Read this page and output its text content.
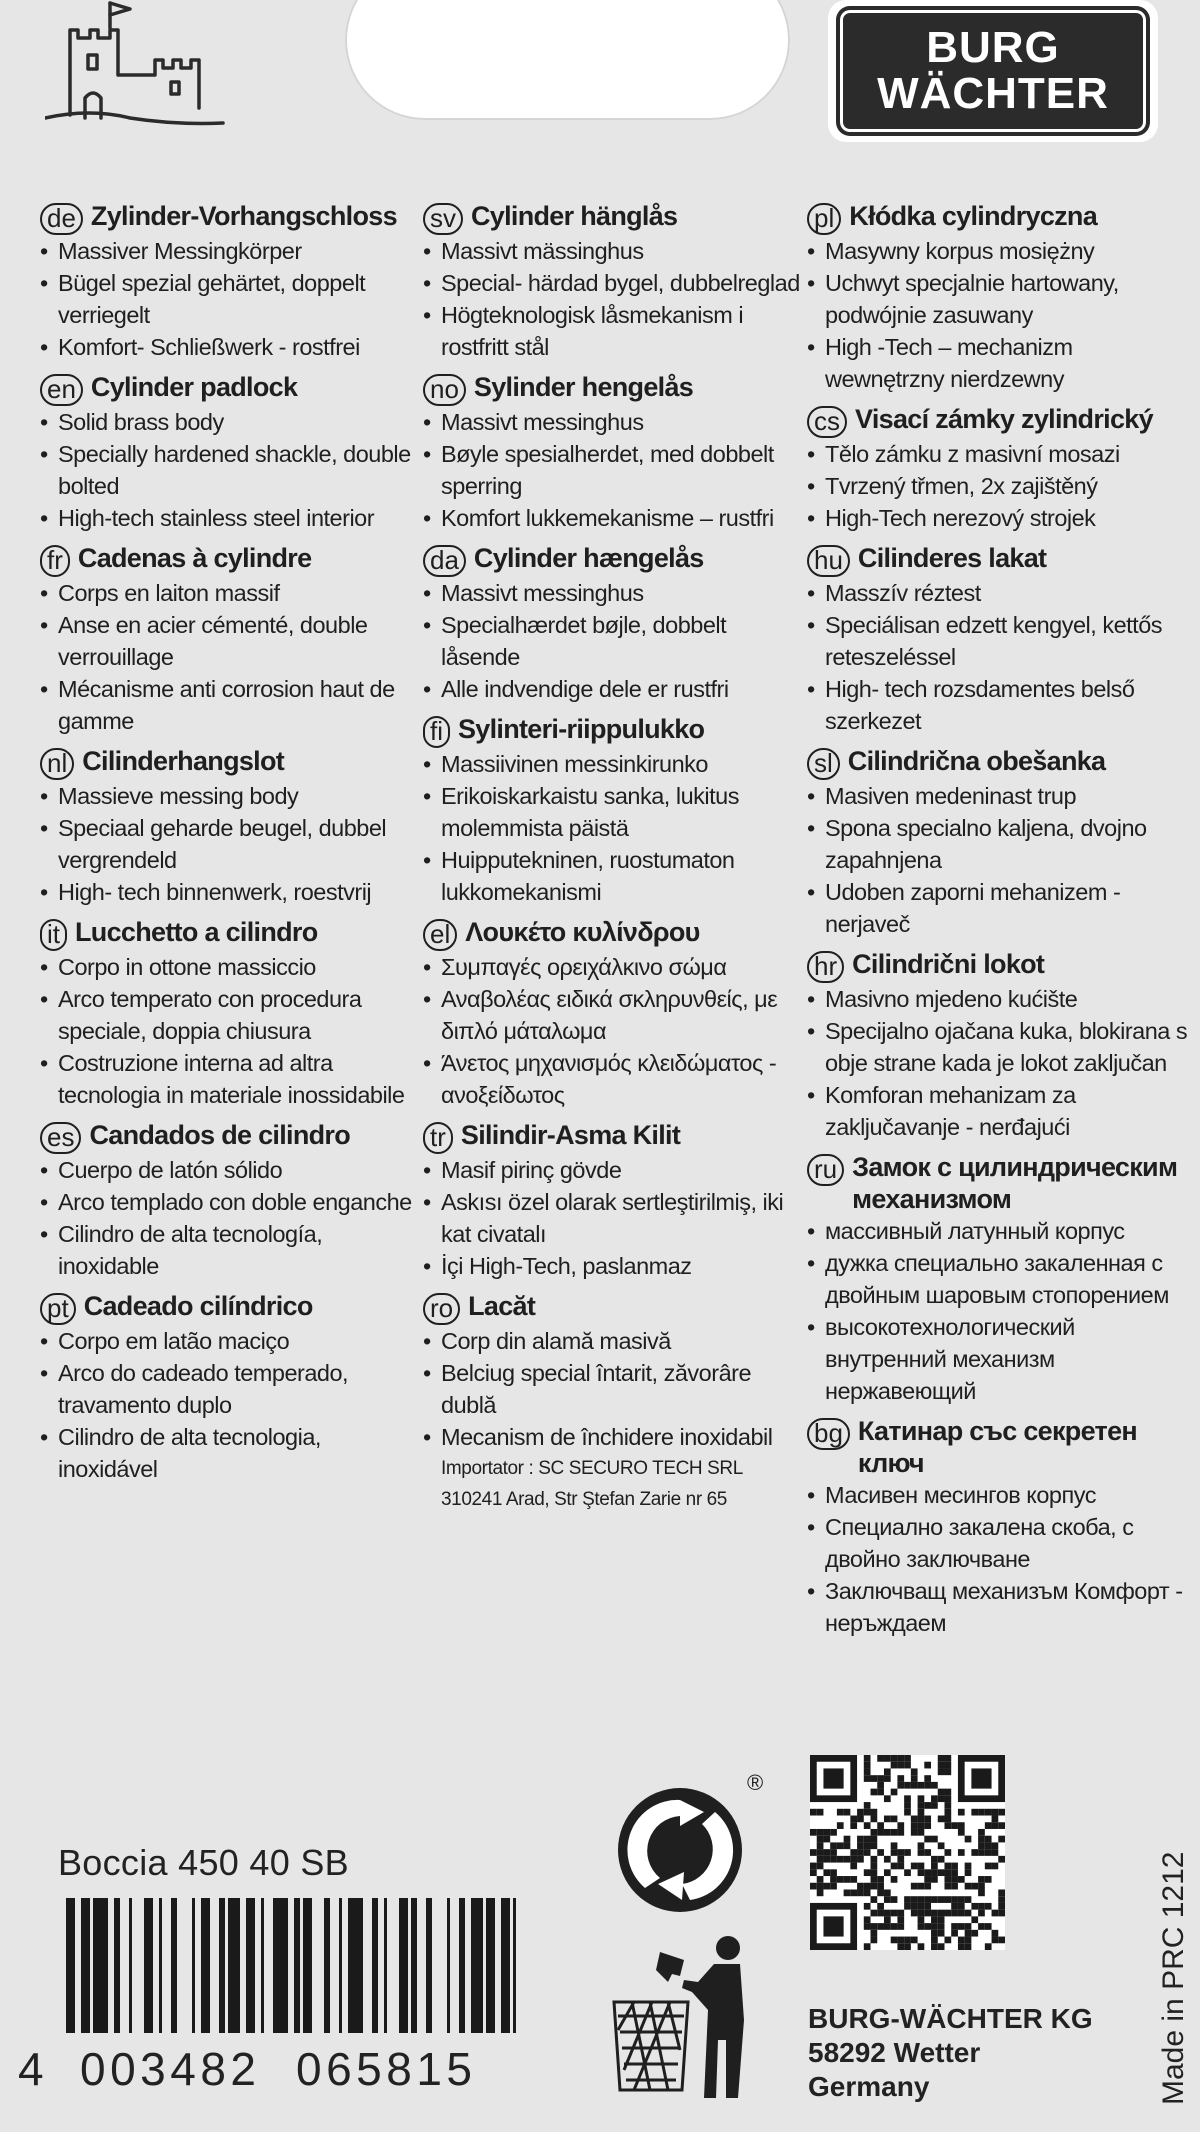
BURG
WÄCHTER
de Zylinder-Vorhangschloss
• Massiver Messingkörper
• Bügel spezial gehärtet, doppelt verriegelt
• Komfort- Schließwerk - rostfrei
en Cylinder padlock
• Solid brass body
• Specially hardened shackle, double bolted
• High-tech stainless steel interior
fr Cadenas à cylindre
• Corps en laiton massif
• Anse en acier cémenté, double verrouillage
• Mécanisme anti corrosion haut de gamme
nl Cilinderhangslot
• Massieve messing body
• Speciaal geharde beugel, dubbel vergrendeld
• High- tech binnenwerk, roestvrij
it Lucchetto a cilindro
• Corpo in ottone massiccio
• Arco temperato con procedura speciale, doppia chiusura
• Costruzione interna ad altra tecnologia in materiale inossidabile
es Candados de cilindro
• Cuerpo de latón sólido
• Arco templado con doble enganche
• Cilindro de alta tecnología, inoxidable
pt Cadeado cilíndrico
• Corpo em latão maciço
• Arco do cadeado temperado, travamento duplo
• Cilindro de alta tecnologia, inoxidável
sv Cylinder hänglås
• Massivt mässinghus
• Special- härdad bygel, dubbelreglad
• Högteknologisk låsmekanism i rostfritt stål
no Sylinder hengelås
• Massivt messinghus
• Bøyle spesialherdet, med dobbelt sperring
• Komfort lukkemekanisme – rustfri
da Cylinder hængelås
• Massivt messinghus
• Specialhærdet bøjle, dobbelt låsende
• Alle indvendige dele er rustfri
fi Sylinteri-riippulukko
• Massiivinen messinkirunko
• Erikoiskarkaistu sanka, lukitus molemmista päistä
• Huipputekninen, ruostumaton lukkomekanismi
el Λουκέτο κυλίνδρου
• Συμπαγές ορειχάλκινο σώμα
• Αναβολέας ειδικά σκληρυνθείς, με διπλό μάταλωμα
• Άνετος μηχανισμός κλειδώματος - ανοξείδωτος
tr Silindir-Asma Kilit
• Masif pirinç gövde
• Askısı özel olarak sertleştirilmiş, iki kat civatalı
• İçi High-Tech, paslanmaz
ro Lacăt
• Corp din alamă masivă
• Belciug special întarit, zăvorâre dublă
• Mecanism de închidere inoxidabil
Importator : SC SECURO TECH SRL
310241 Arad, Str Ştefan Zarie nr 65
pl Kłódka cylindryczna
• Masywny korpus mosiężny
• Uchwyt specjalnie hartowany, podwójnie zasuwany
• High -Tech – mechanizm wewnętrzny nierdzewny
cs Visací zámky zylindrický
• Tělo zámku z masivní mosazi
• Tvrzený třmen, 2x zajištěný
• High-Tech nerezový strojek
hu Cilinderes lakat
• Masszív réztest
• Speciálisan edzett kengyel, kettős reteszeléssel
• High- tech rozsdamentes belső szerkezet
sl Cilindrična obešanka
• Masiven medeninast trup
• Spona specialno kaljena, dvojno zapahnjena
• Udoben zaporni mehanizem - nerjaveč
hr Cilindrični lokot
• Masivno mjedeno kućište
• Specijalno ojačana kuka, blokirana s obje strane kada je lokot zaključan
• Komforan mehanizam za zaključavanje - nerđajući
ru Замок с цилиндрическим механизмом
• массивный латунный корпус
• дужка специально закаленная с двойным шаровым стопорением
• высокотехнологический внутренний механизм нержавеющий
bg Катинар със секретен ключ
• Масивен месингов корпус
• Специално закалена скоба, с двойно заключване
• Заключващ механизъм Комфорт - неръждаем
Boccia 450 40 SB
4 003482 065815
®
BURG-WÄCHTER KG
58292 Wetter
Germany	Made in PRC 1212
